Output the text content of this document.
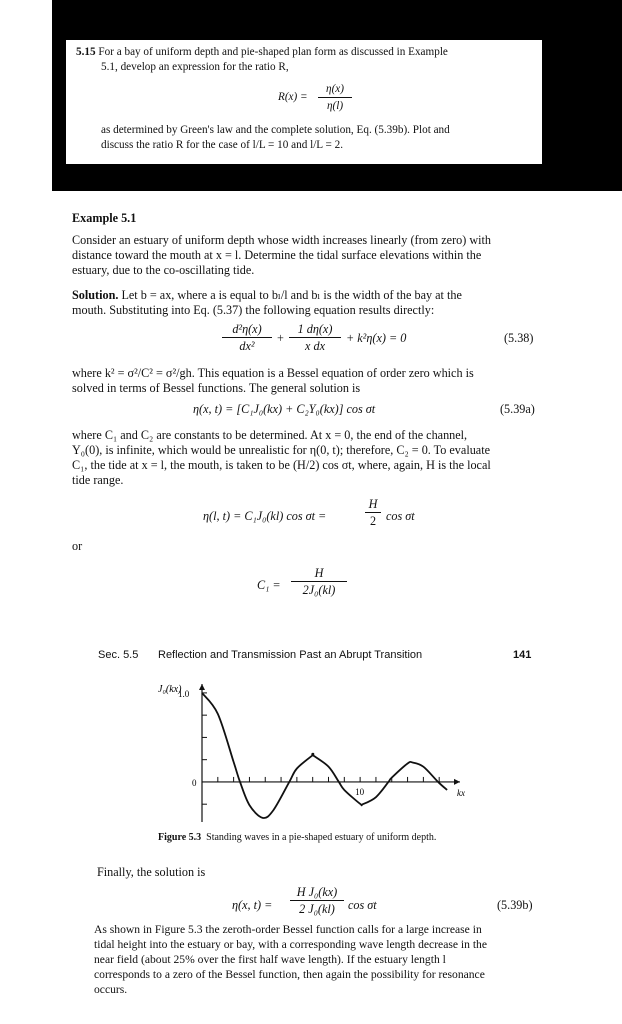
5.15 For a bay of uniform depth and pie-shaped plan form as discussed in Example
5.1, develop an expression for the ratio R,
R(x) =
η(x)
η(l)
as determined by Green's law and the complete solution, Eq. (5.39b). Plot and
discuss the ratio R for the case of l/L = 10 and l/L = 2.
Example 5.1
Consider an estuary of uniform depth whose width increases linearly (from zero) with
distance toward the mouth at x = l. Determine the tidal surface elevations within the
estuary, due to the co-oscillating tide.
Solution. Let b = ax, where a is equal to bₗ/l and bₗ is the width of the bay at the
mouth. Substituting into Eq. (5.37) the following equation results directly:
d²η(x)
dx²
+
1 dη(x)
x dx
+ k²η(x) = 0	(5.38)
where k² = σ²/C² = σ²/gh. This equation is a Bessel equation of order zero which is
solved in terms of Bessel functions. The general solution is
η(x, t) = [C₁J₀(kx) + C₂Y₀(kx)] cos σt	(5.39a)
where C₁ and C₂ are constants to be determined. At x = 0, the end of the channel,
Y₀(0), is infinite, which would be unrealistic for η(0, t); therefore, C₂ = 0. To evaluate
C₁, the tide at x = l, the mouth, is taken to be (H/2) cos σt, where, again, H is the local
tide range.
η(l, t) = C₁J₀(kl) cos σt =
H
2 cos σt
or
C₁ =
H
2J₀(kl)
Sec. 5.5 Reflection and Transmission Past an Abrupt Transition	141
J₀(kx)
1.0
0
10	kx
Figure 5.3 Standing waves in a pie-shaped estuary of uniform depth.
Finally, the solution is
η(x, t) =
H J₀(kx)
2 J₀(kl)	cos σt	(5.39b)
As shown in Figure 5.3 the zeroth-order Bessel function calls for a large increase in
tidal height into the estuary or bay, with a corresponding wave length decrease in the
near field (about 25% over the first half wave length). If the estuary length l
corresponds to a zero of the Bessel function, then again the possibility for resonance
occurs.
